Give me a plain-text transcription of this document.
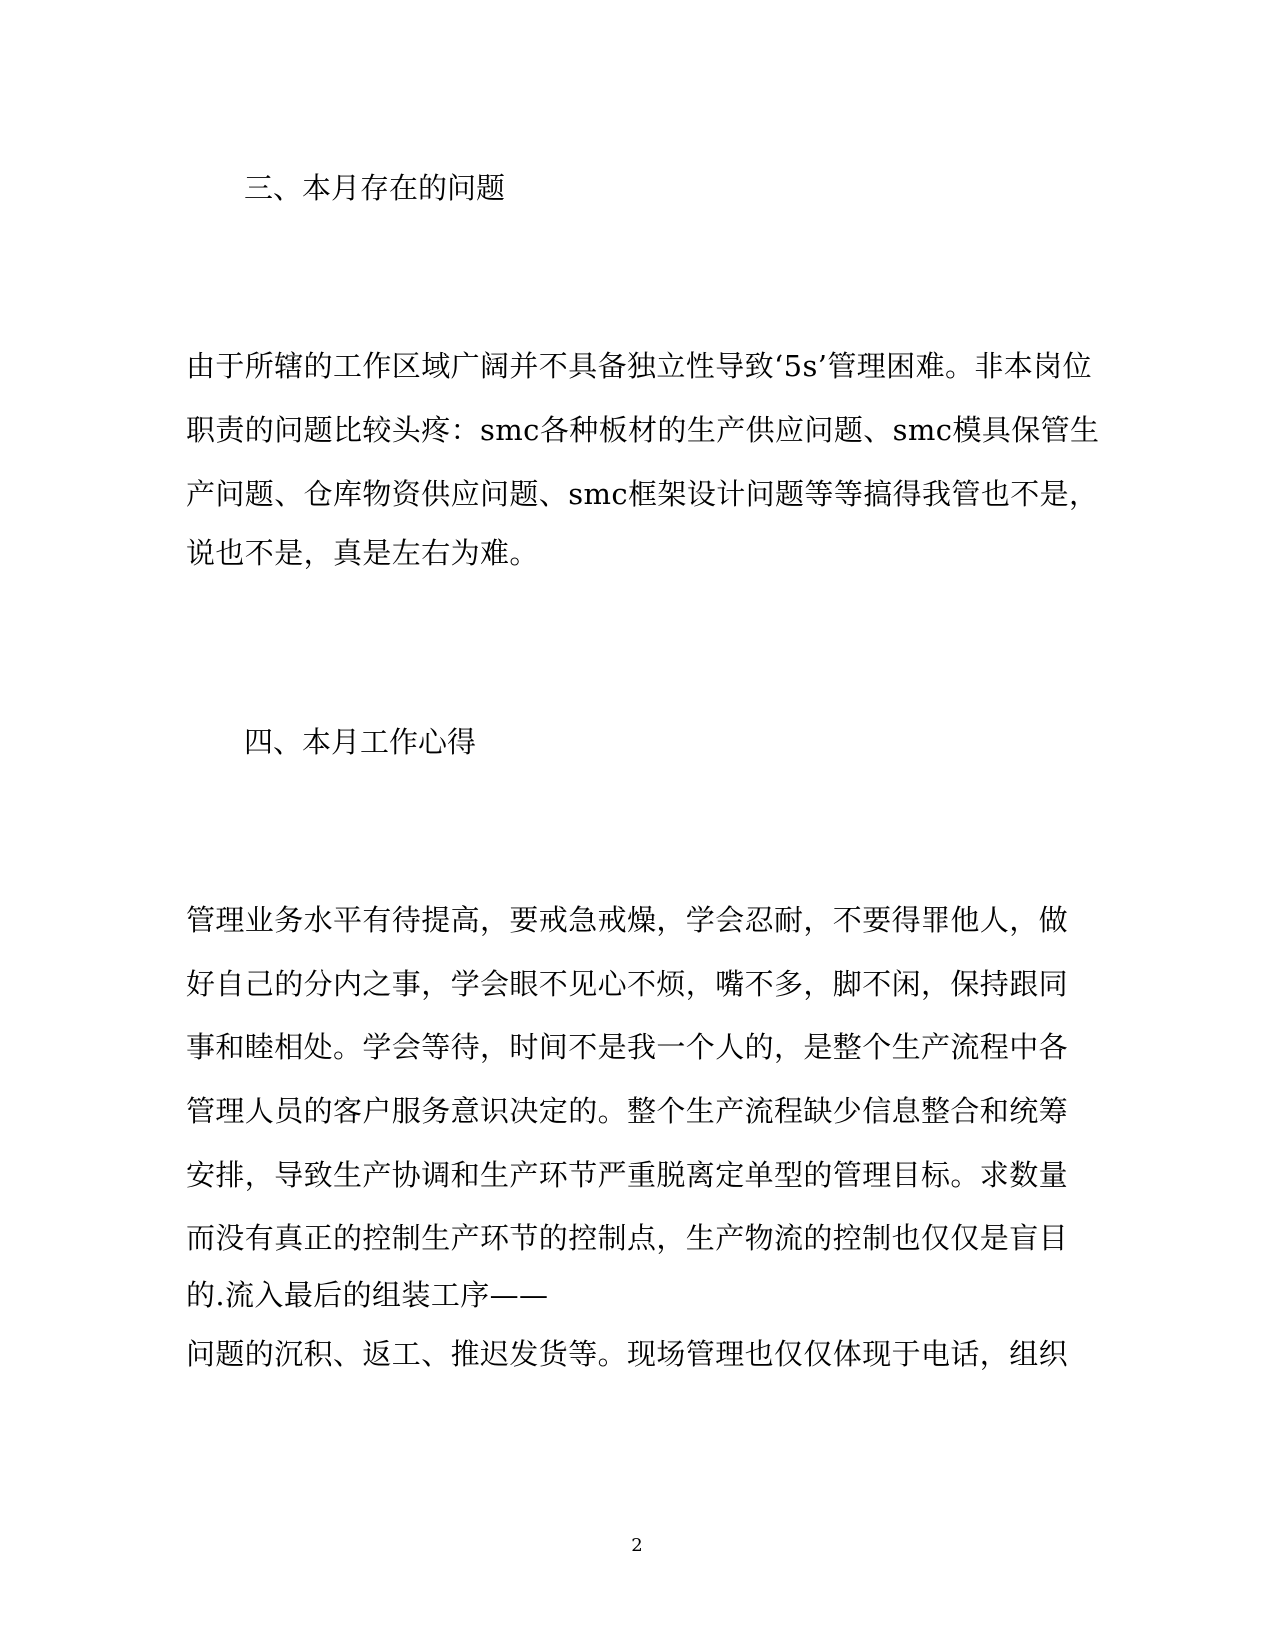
三、本月存在的问题
由于所辖的工作区域广阔并不具备独立性导致‘5s’管理困难。非本岗位
职责的问题比较头疼：smc各种板材的生产供应问题、smc模具保管生
产问题、仓库物资供应问题、smc框架设计问题等等搞得我管也不是，
说也不是，真是左右为难。
四、本月工作心得
管理业务水平有待提高，要戒急戒燥，学会忍耐，不要得罪他人，做
好自己的分内之事，学会眼不见心不烦，嘴不多，脚不闲，保持跟同
事和睦相处。学会等待，时间不是我一个人的，是整个生产流程中各
管理人员的客户服务意识决定的。整个生产流程缺少信息整合和统筹
安排，导致生产协调和生产环节严重脱离定单型的管理目标。求数量
而没有真正的控制生产环节的控制点，生产物流的控制也仅仅是盲目
的.流入最后的组装工序——
问题的沉积、返工、推迟发货等。现场管理也仅仅体现于电话，组织
2
